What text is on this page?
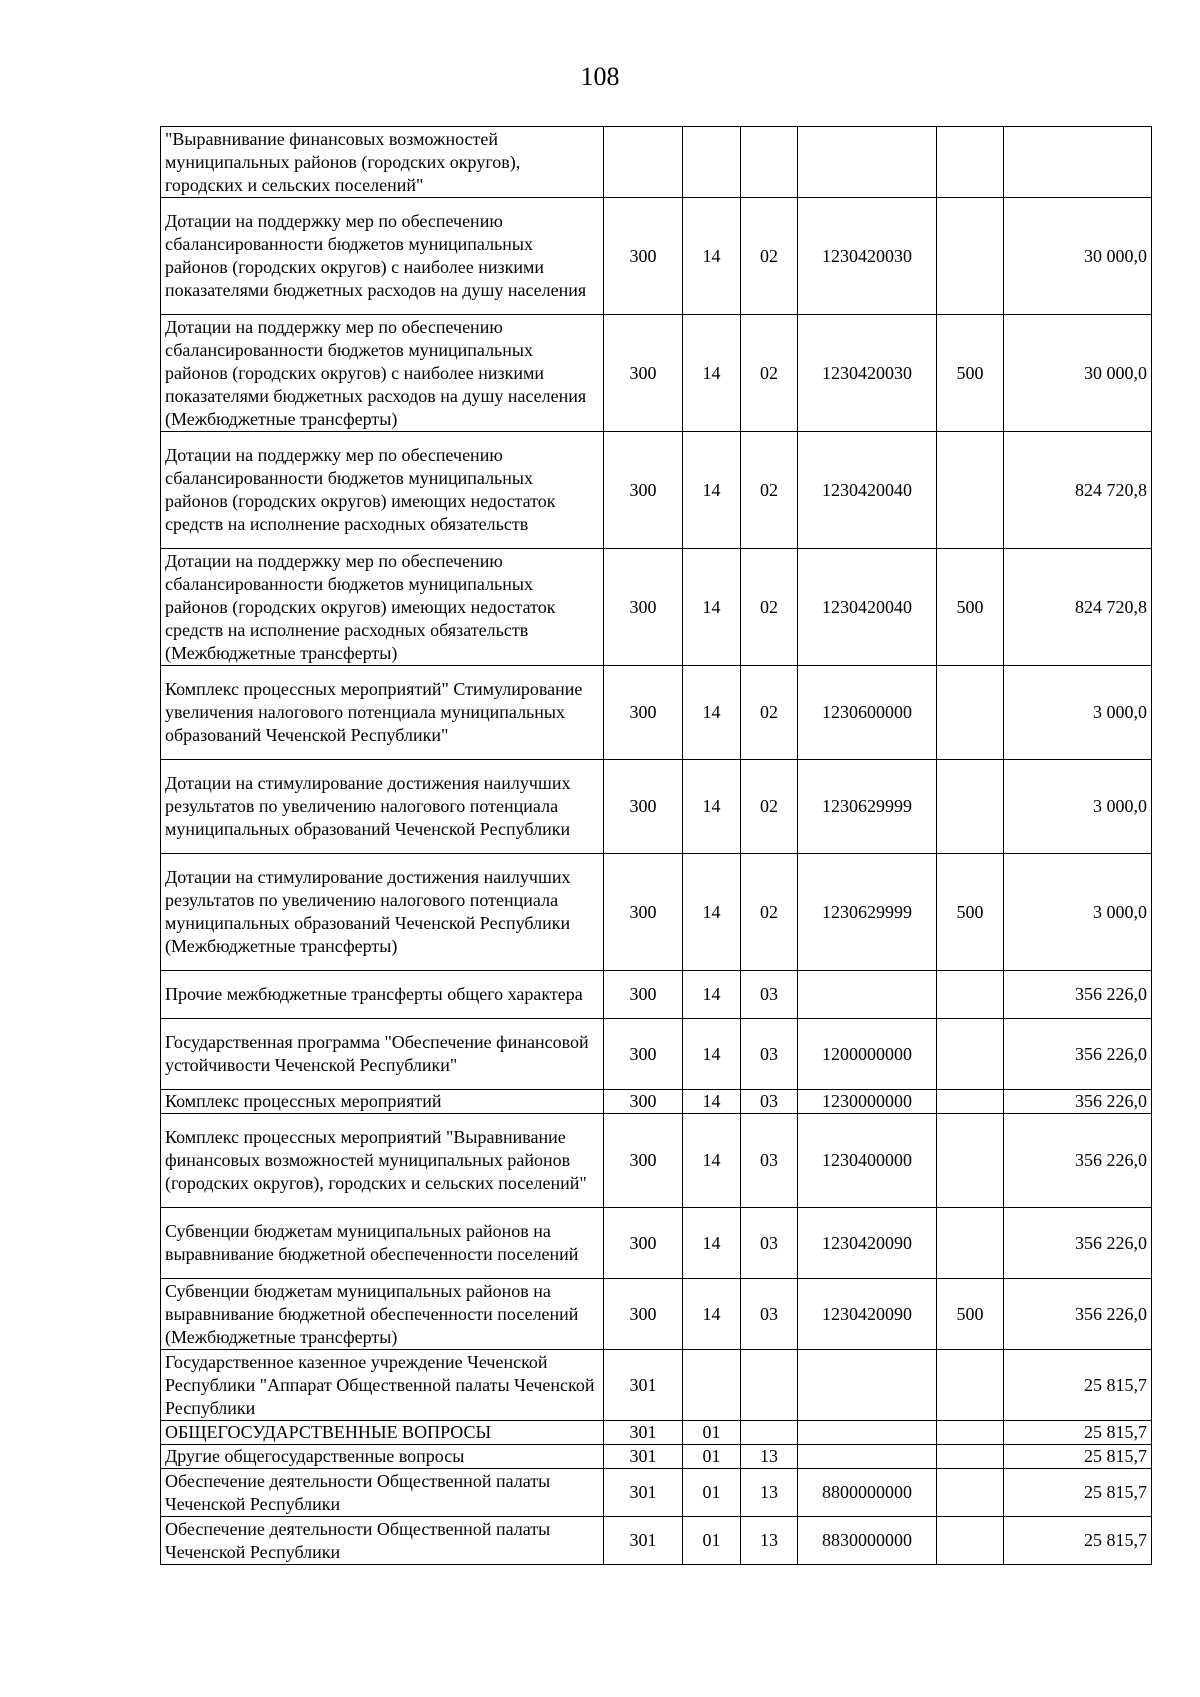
108
"Выравнивание финансовых возможностей муниципальных районов (городских округов), городских и сельских поселений"						
Дотации на поддержку мер по обеспечению сбалансированности бюджетов муниципальных районов (городских округов) с наиболее низкими показателями бюджетных расходов на душу населения	300	14	02	1230420030		30 000,0
Дотации на поддержку мер по обеспечению сбалансированности бюджетов муниципальных районов (городских округов) с наиболее низкими показателями бюджетных расходов на душу населения (Межбюджетные трансферты)	300	14	02	1230420030	500	30 000,0
Дотации на поддержку мер по обеспечению сбалансированности бюджетов муниципальных районов (городских округов) имеющих недостаток средств на исполнение расходных обязательств	300	14	02	1230420040		824 720,8
Дотации на поддержку мер по обеспечению сбалансированности бюджетов муниципальных районов (городских округов) имеющих недостаток средств на исполнение расходных обязательств (Межбюджетные трансферты)	300	14	02	1230420040	500	824 720,8
Комплекс процессных мероприятий" Стимулирование увеличения налогового потенциала муниципальных образований Чеченской Республики"	300	14	02	1230600000		3 000,0
Дотации на стимулирование достижения наилучших результатов по увеличению налогового потенциала муниципальных образований Чеченской Республики	300	14	02	1230629999		3 000,0
Дотации на стимулирование достижения наилучших результатов по увеличению налогового потенциала муниципальных образований Чеченской Республики (Межбюджетные трансферты)	300	14	02	1230629999	500	3 000,0
Прочие межбюджетные трансферты общего характера	300	14	03			356 226,0
Государственная программа "Обеспечение финансовой устойчивости Чеченской Республики"	300	14	03	1200000000		356 226,0
Комплекс процессных мероприятий	300	14	03	1230000000		356 226,0
Комплекс процессных мероприятий "Выравнивание финансовых возможностей муниципальных районов (городских округов), городских и сельских поселений"	300	14	03	1230400000		356 226,0
Субвенции бюджетам муниципальных районов на выравнивание бюджетной обеспеченности поселений	300	14	03	1230420090		356 226,0
Субвенции бюджетам муниципальных районов на выравнивание бюджетной обеспеченности поселений (Межбюджетные трансферты)	300	14	03	1230420090	500	356 226,0
Государственное казенное учреждение Чеченской Республики "Аппарат Общественной палаты Чеченской Республики	301					25 815,7
ОБЩЕГОСУДАРСТВЕННЫЕ ВОПРОСЫ	301	01				25 815,7
Другие общегосударственные вопросы	301	01	13			25 815,7
Обеспечение деятельности Общественной палаты Чеченской Республики	301	01	13	8800000000		25 815,7
Обеспечение деятельности Общественной палаты Чеченской Республики	301	01	13	8830000000		25 815,7
